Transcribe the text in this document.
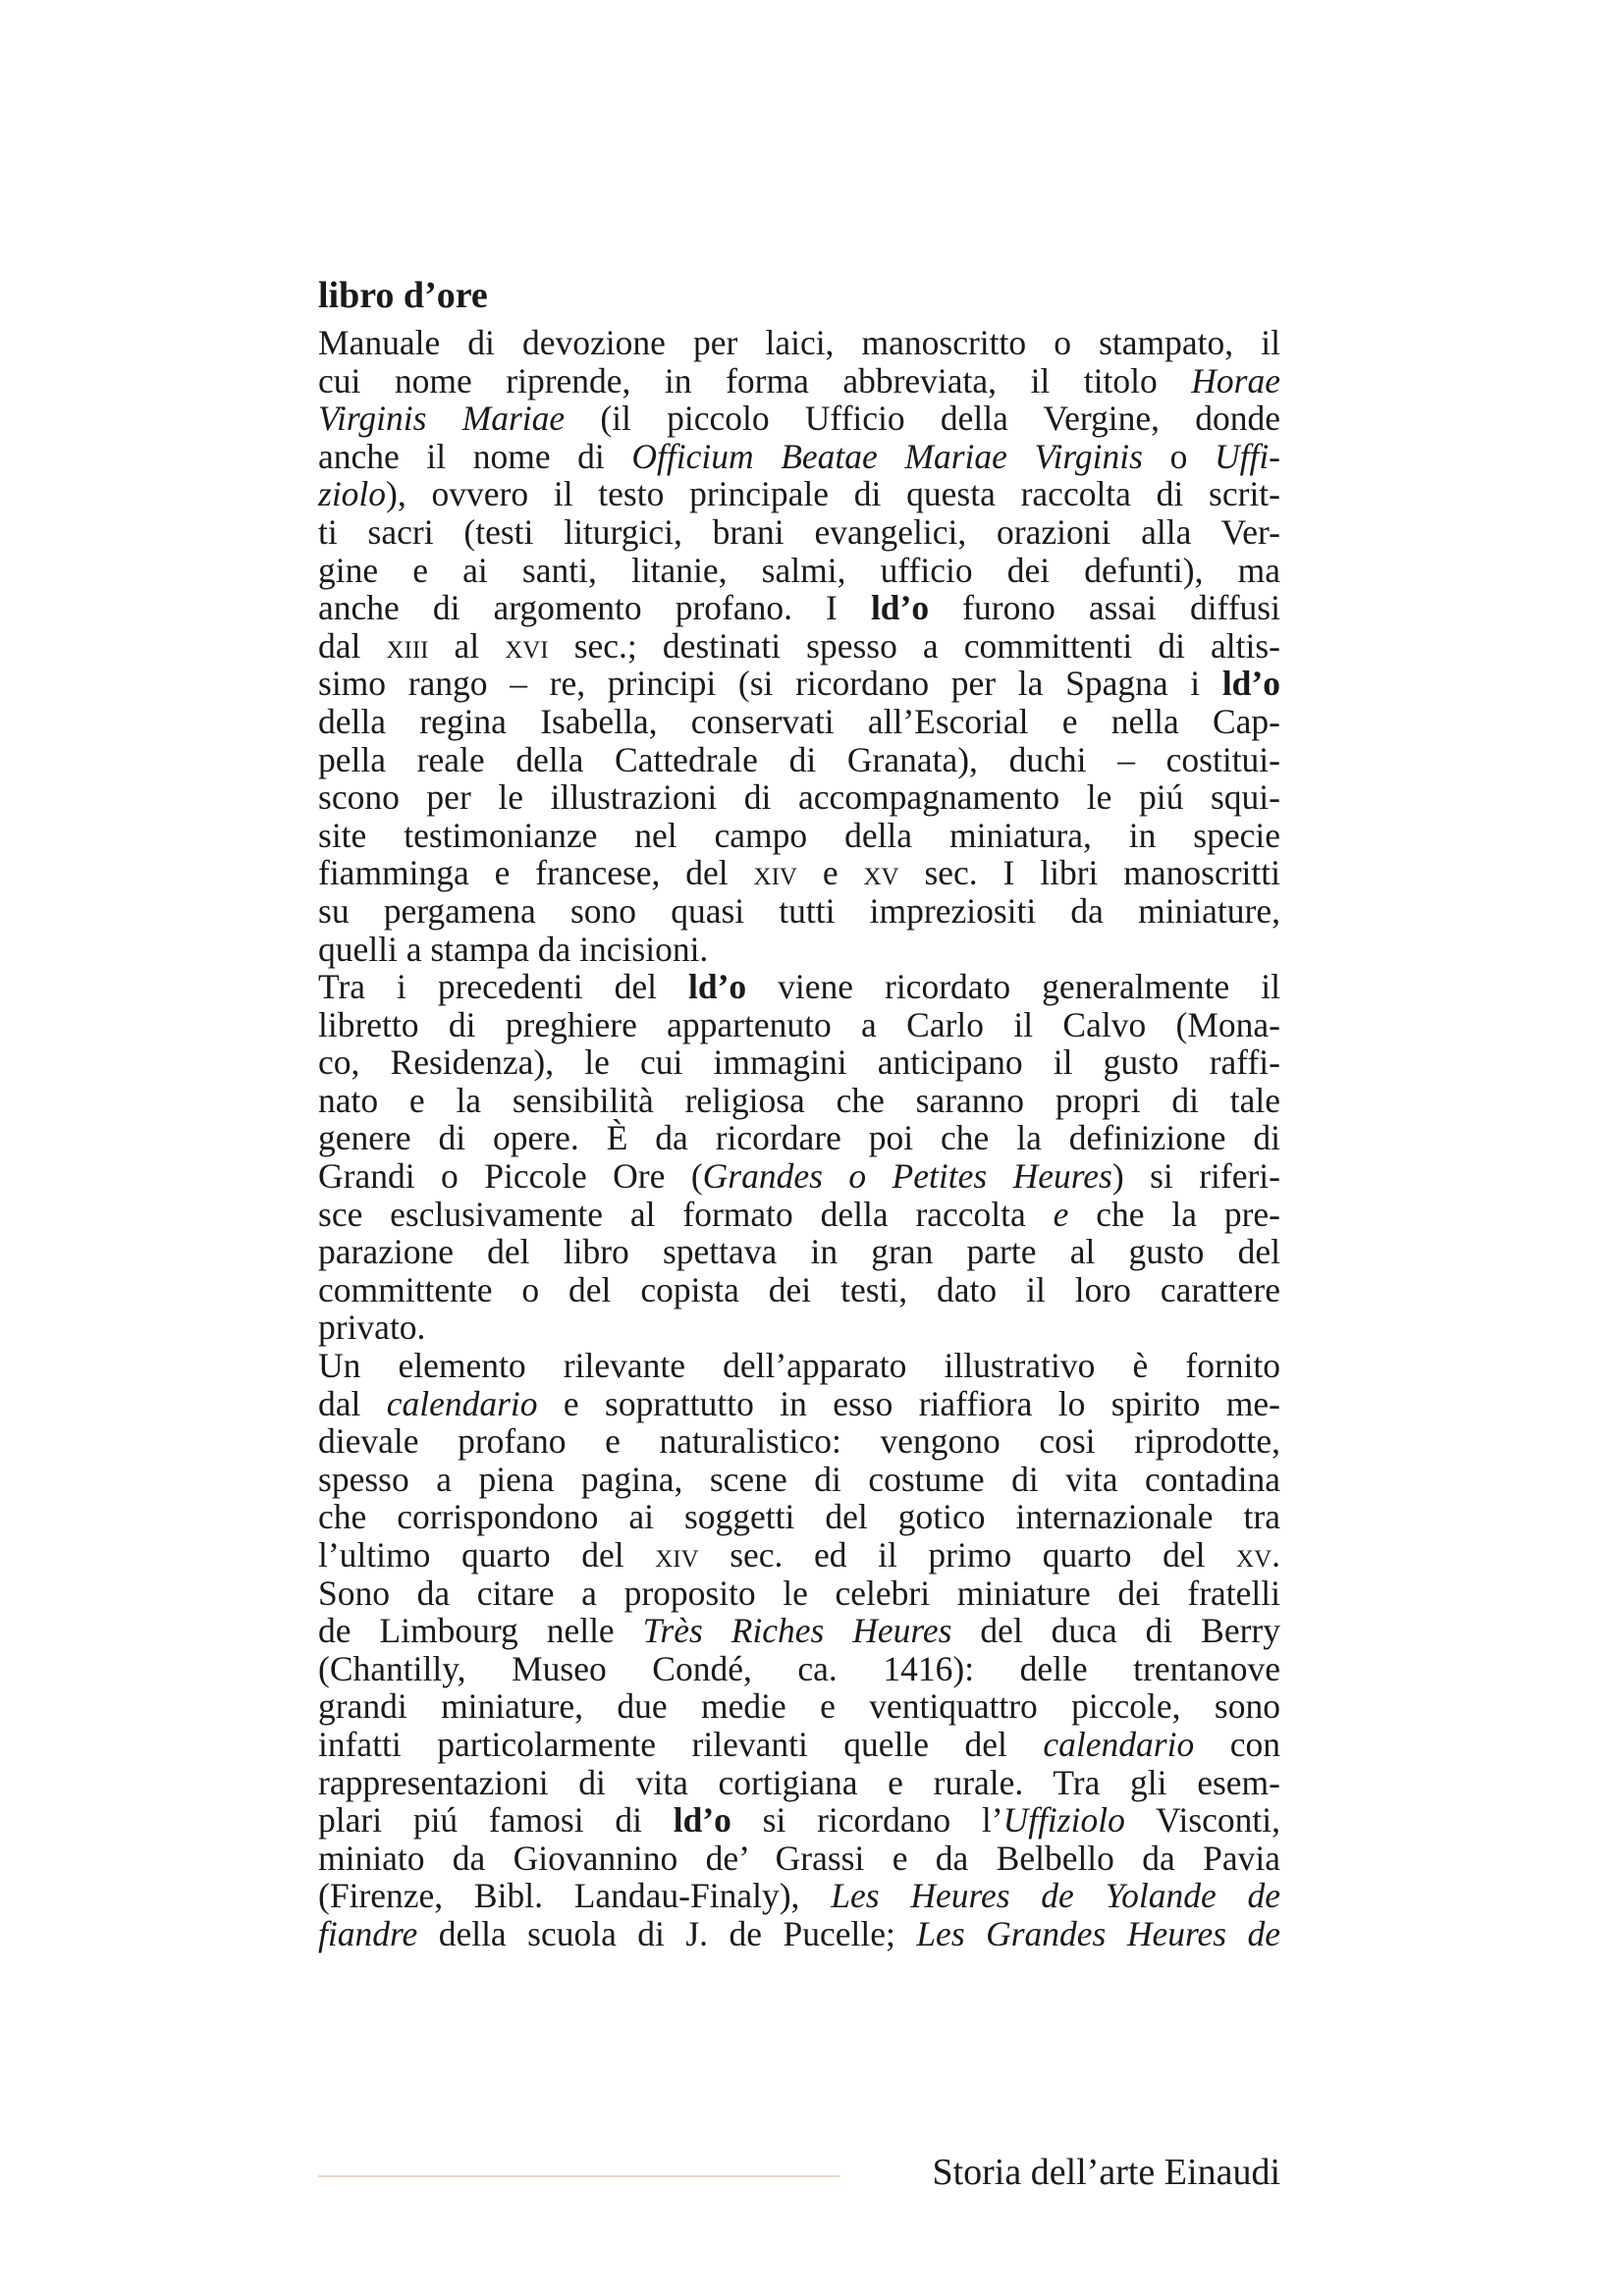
libro d’ore
Manuale di devozione per laici, manoscritto o stampato, il
cui nome riprende, in forma abbreviata, il titolo Horae
Virginis Mariae (il piccolo Ufficio della Vergine, donde
anche il nome di Officium Beatae Mariae Virginis o Uffi-
ziolo), ovvero il testo principale di questa raccolta di scrit-
ti sacri (testi liturgici, brani evangelici, orazioni alla Ver-
gine e ai santi, litanie, salmi, ufficio dei defunti), ma
anche di argomento profano. I ld’o furono assai diffusi
dal xiii al xvi sec.; destinati spesso a committenti di altis-
simo rango – re, principi (si ricordano per la Spagna i ld’o
della regina Isabella, conservati all’Escorial e nella Cap-
pella reale della Cattedrale di Granata), duchi – costitui-
scono per le illustrazioni di accompagnamento le piú squi-
site testimonianze nel campo della miniatura, in specie
fiamminga e francese, del xiv e xv sec. I libri manoscritti
su pergamena sono quasi tutti impreziositi da miniature,
quelli a stampa da incisioni.
Tra i precedenti del ld’o viene ricordato generalmente il
libretto di preghiere appartenuto a Carlo il Calvo (Mona-
co, Residenza), le cui immagini anticipano il gusto raffi-
nato e la sensibilità religiosa che saranno propri di tale
genere di opere. È da ricordare poi che la definizione di
Grandi o Piccole Ore (Grandes o Petites Heures) si riferi-
sce esclusivamente al formato della raccolta e che la pre-
parazione del libro spettava in gran parte al gusto del
committente o del copista dei testi, dato il loro carattere
privato.
Un elemento rilevante dell’apparato illustrativo è fornito
dal calendario e soprattutto in esso riaffiora lo spirito me-
dievale profano e naturalistico: vengono cosi riprodotte,
spesso a piena pagina, scene di costume di vita contadina
che corrispondono ai soggetti del gotico internazionale tra
l’ultimo quarto del xiv sec. ed il primo quarto del xv.
Sono da citare a proposito le celebri miniature dei fratelli
de Limbourg nelle Très Riches Heures del duca di Berry
(Chantilly, Museo Condé, ca. 1416): delle trentanove
grandi miniature, due medie e ventiquattro piccole, sono
infatti particolarmente rilevanti quelle del calendario con
rappresentazioni di vita cortigiana e rurale. Tra gli esem-
plari piú famosi di ld’o si ricordano l’Uffiziolo Visconti,
miniato da Giovannino de’ Grassi e da Belbello da Pavia
(Firenze, Bibl. Landau-Finaly), Les Heures de Yolande de
fiandre della scuola di J. de Pucelle; Les Grandes Heures de
Storia dell’arte Einaudi
